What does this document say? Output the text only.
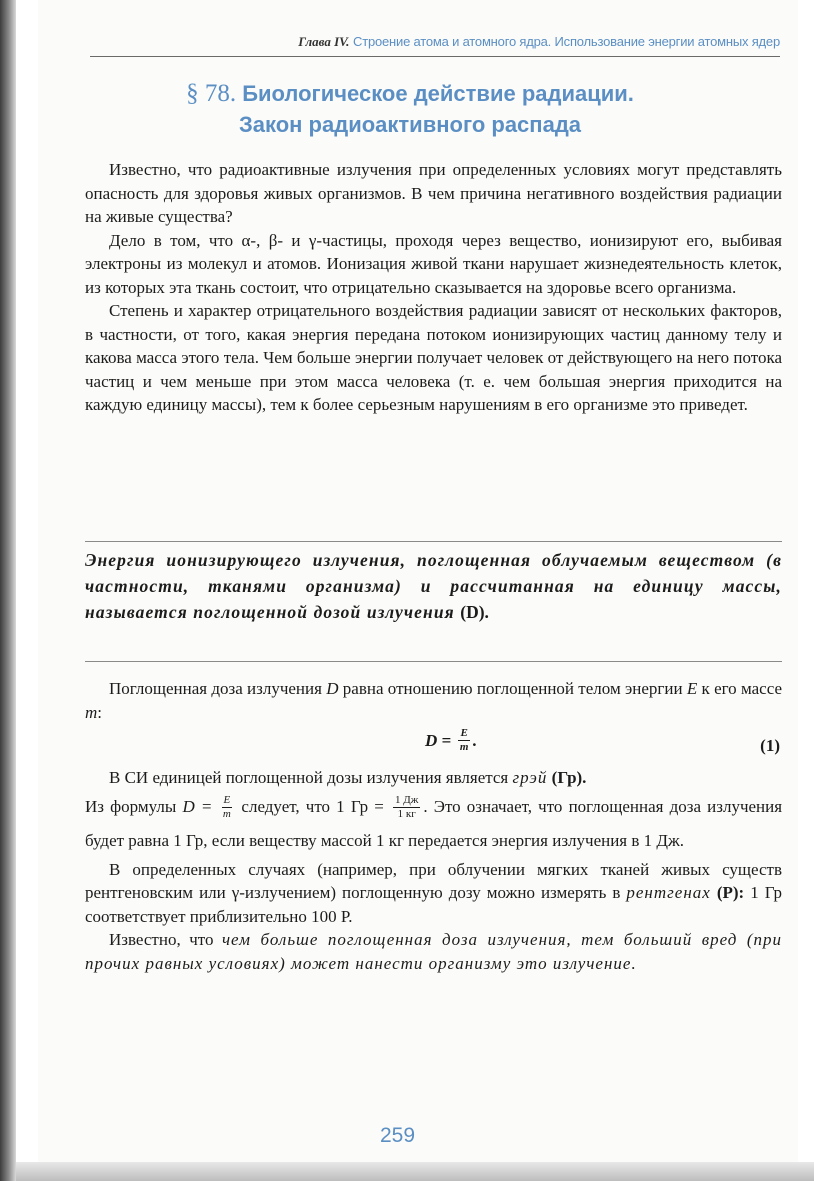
Глава IV. Строение атома и атомного ядра. Использование энергии атомных ядер
§ 78. Биологическое действие радиации.
Закон радиоактивного распада

Известно, что радиоактивные излучения при определенных условиях могут представлять опасность для здоровья живых организмов. В чем причина негативного воздействия радиации на живые существа?

Дело в том, что α-, β- и γ-частицы, проходя через вещество, ионизируют его, выбивая электроны из молекул и атомов. Ионизация живой ткани нарушает жизнедеятельность клеток, из которых эта ткань состоит, что отрицательно сказывается на здоровье всего организма.

Степень и характер отрицательного воздействия радиации зависят от нескольких факторов, в частности, от того, какая энергия передана потоком ионизирующих частиц данному телу и какова масса этого тела. Чем больше энергии получает человек от действующего на него потока частиц и чем меньше при этом масса человека (т. е. чем большая энергия приходится на каждую единицу массы), тем к более серьезным нарушениям в его организме это приведет.

Энергия ионизирующего излучения, поглощенная облучаемым веществом (в частности, тканями организма) и рассчитанная на единицу массы, называется поглощенной дозой излучения (D).

Поглощенная доза излучения D равна отношению поглощенной телом энергии E к его массе m:

D
=
$\frac{E}{m}$ .	(1)

В СИ единицей поглощенной дозы излучения является грэй (Гр).

Из формулы $D = \frac{E}{m}$ следует, что 1 Гр = $\frac{1 Дж}{1 кг}$ . Это означает, что поглощенная доза излучения будет равна 1 Гр, если веществу массой 1 кг передается энергия излучения в 1 Дж.

В определенных случаях (например, при облучении мягких тканей живых существ рентгеновским или γ-излучением) поглощенную дозу можно измерять в рентгенах (Р): 1 Гр соответствует приблизительно 100 Р.

Известно, что чем больше поглощенная доза излучения, тем больший вред (при прочих равных условиях) может нанести организму это излучение.

259
